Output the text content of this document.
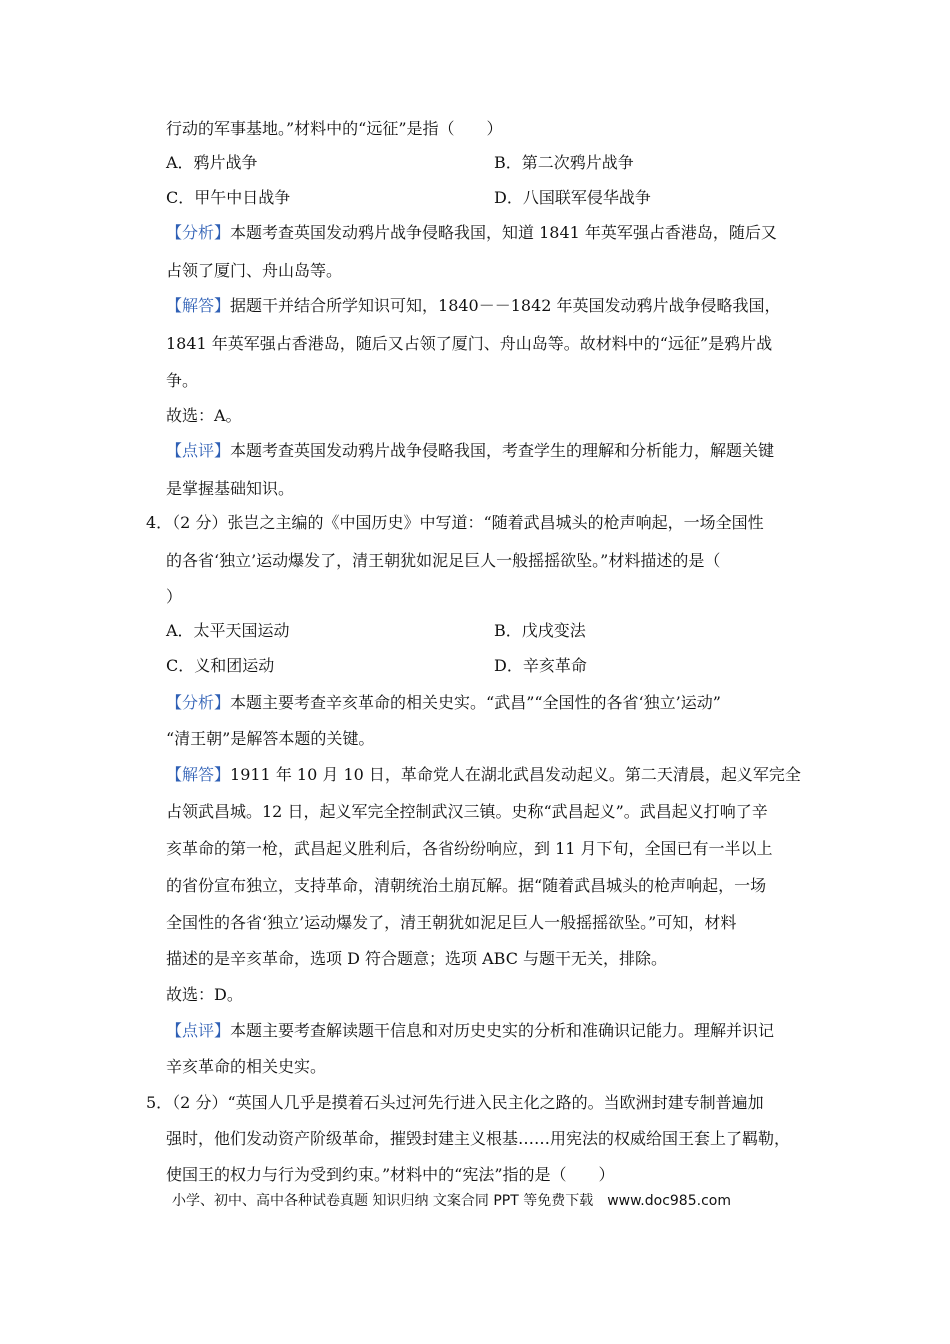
行动的军事基地。”材料中的“远征”是指（　　）
A．鸦片战争	B．第二次鸦片战争
C．甲午中日战争	D．八国联军侵华战争
【分析】本题考查英国发动鸦片战争侵略我国，知道 1841 年英军强占香港岛，随后又
占领了厦门、舟山岛等。
【解答】据题干并结合所学知识可知，1840－－1842 年英国发动鸦片战争侵略我国，
1841 年英军强占香港岛，随后又占领了厦门、舟山岛等。故材料中的“远征”是鸦片战
争。
故选：A。
【点评】本题考查英国发动鸦片战争侵略我国，考查学生的理解和分析能力，解题关键
是掌握基础知识。
4．（2 分）张岂之主编的《中国历史》中写道：“随着武昌城头的枪声响起，一场全国性
的各省‘独立’运动爆发了，清王朝犹如泥足巨人一般摇摇欲坠。”材料描述的是（
）
A．太平天国运动	B．戊戌变法
C．义和团运动	D．辛亥革命
【分析】本题主要考查辛亥革命的相关史实。“武昌”“全国性的各省‘独立’运动”
“清王朝”是解答本题的关键。
【解答】1911 年 10 月 10 日，革命党人在湖北武昌发动起义。第二天清晨，起义军完全
占领武昌城。12 日，起义军完全控制武汉三镇。史称“武昌起义”。武昌起义打响了辛
亥革命的第一枪，武昌起义胜利后，各省纷纷响应，到 11 月下旬，全国已有一半以上
的省份宣布独立，支持革命，清朝统治土崩瓦解。据“随着武昌城头的枪声响起，一场
全国性的各省‘独立’运动爆发了，清王朝犹如泥足巨人一般摇摇欲坠。”可知，材料
描述的是辛亥革命，选项 D 符合题意；选项 ABC 与题干无关，排除。
故选：D。
【点评】本题主要考查解读题干信息和对历史史实的分析和准确识记能力。理解并识记
辛亥革命的相关史实。
5．（2 分）“英国人几乎是摸着石头过河先行进入民主化之路的。当欧洲封建专制普遍加
强时，他们发动资产阶级革命，摧毁封建主义根基……用宪法的权威给国王套上了羁勒，
使国王的权力与行为受到约束。”材料中的“宪法”指的是（　　）
小学、初中、高中各种试卷真题 知识归纳 文案合同 PPT 等免费下载　www.doc985.com
